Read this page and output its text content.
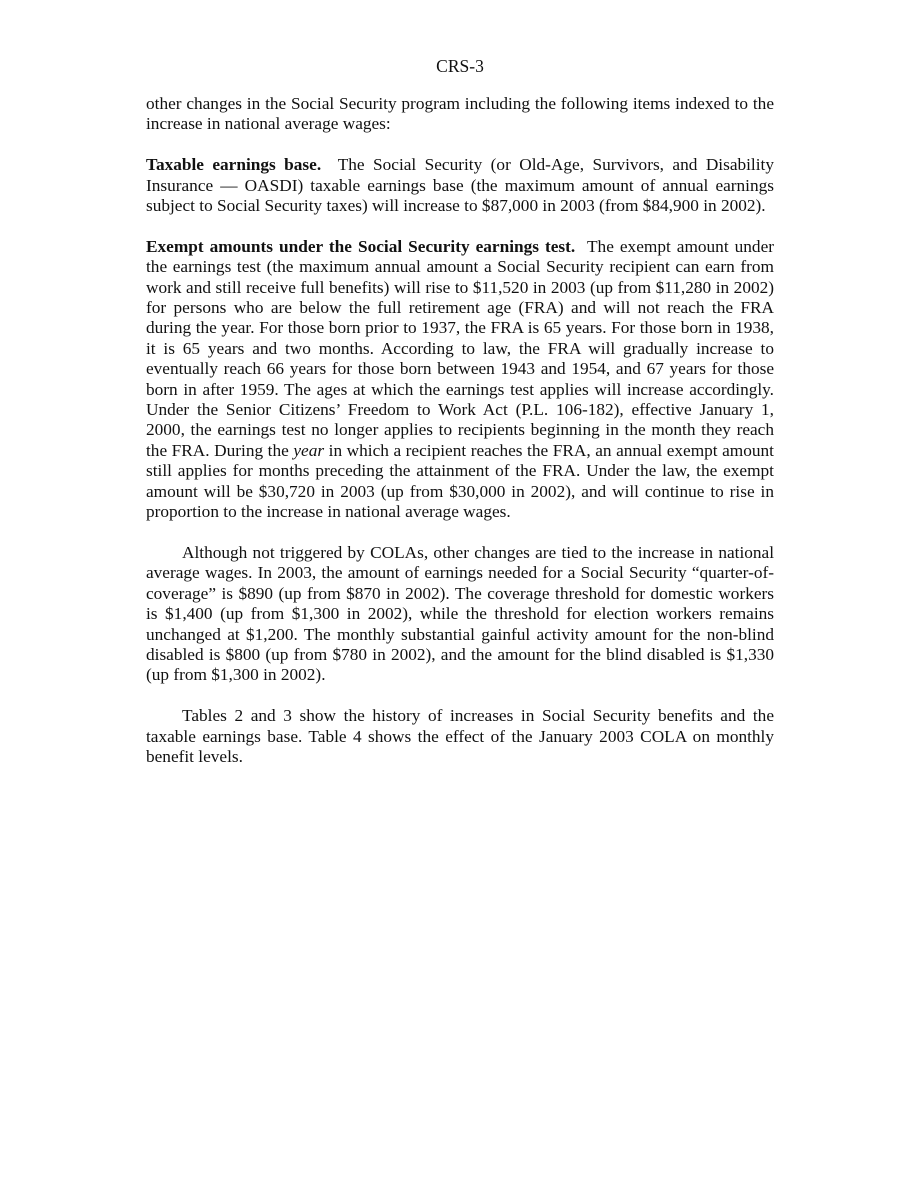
CRS-3

other changes in the Social Security program including the following items indexed to the increase in national average wages:

Taxable earnings base. The Social Security (or Old-Age, Survivors, and Disability Insurance — OASDI) taxable earnings base (the maximum amount of annual earnings subject to Social Security taxes) will increase to $87,000 in 2003 (from $84,900 in 2002).

Exempt amounts under the Social Security earnings test. The exempt amount under the earnings test (the maximum annual amount a Social Security recipient can earn from work and still receive full benefits) will rise to $11,520 in 2003 (up from $11,280 in 2002) for persons who are below the full retirement age (FRA) and will not reach the FRA during the year. For those born prior to 1937, the FRA is 65 years. For those born in 1938, it is 65 years and two months. According to law, the FRA will gradually increase to eventually reach 66 years for those born between 1943 and 1954, and 67 years for those born in after 1959. The ages at which the earnings test applies will increase accordingly. Under the Senior Citizens’ Freedom to Work Act (P.L. 106-182), effective January 1, 2000, the earnings test no longer applies to recipients beginning in the month they reach the FRA. During the year in which a recipient reaches the FRA, an annual exempt amount still applies for months preceding the attainment of the FRA. Under the law, the exempt amount will be $30,720 in 2003 (up from $30,000 in 2002), and will continue to rise in proportion to the increase in national average wages.

Although not triggered by COLAs, other changes are tied to the increase in national average wages. In 2003, the amount of earnings needed for a Social Security “quarter-of-coverage” is $890 (up from $870 in 2002). The coverage threshold for domestic workers is $1,400 (up from $1,300 in 2002), while the threshold for election workers remains unchanged at $1,200. The monthly substantial gainful activity amount for the non-blind disabled is $800 (up from $780 in 2002), and the amount for the blind disabled is $1,330 (up from $1,300 in 2002).

Tables 2 and 3 show the history of increases in Social Security benefits and the taxable earnings base. Table 4 shows the effect of the January 2003 COLA on monthly benefit levels.
